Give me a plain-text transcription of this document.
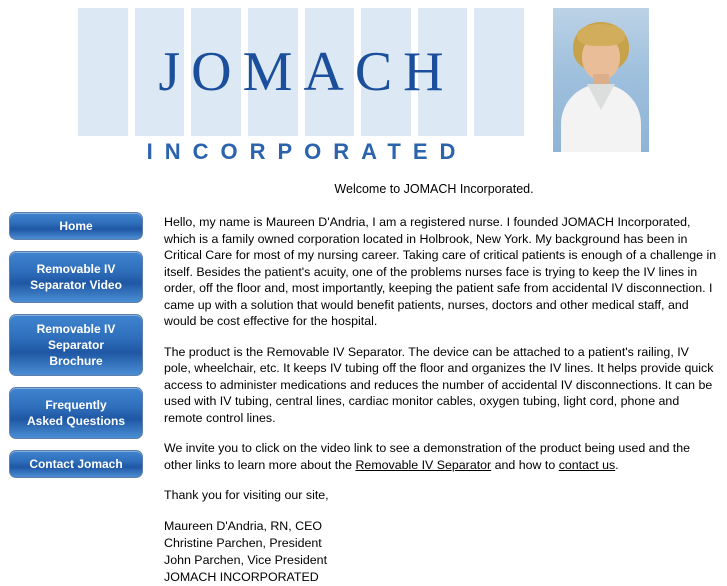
JOMACH
INCORPORATED
Welcome to JOMACH Incorporated.
Home
Removable IV
Separator Video
Removable IV
Separator
Brochure
Frequently
Asked Questions
Contact Jomach

Hello, my name is Maureen D'Andria, I am a registered nurse. I founded JOMACH Incorporated, which is a family owned corporation located in Holbrook, New York. My background has been in Critical Care for most of my nursing career. Taking care of critical patients is enough of a challenge in itself. Besides the patient's acuity, one of the problems nurses face is trying to keep the IV lines in order, off the floor and, most importantly, keeping the patient safe from accidental IV disconnection. I came up with a solution that would benefit patients, nurses, doctors and other medical staff, and would be cost effective for the hospital.

The product is the Removable IV Separator. The device can be attached to a patient's railing, IV pole, wheelchair, etc. It keeps IV tubing off the floor and organizes the IV lines. It helps provide quick access to administer medications and reduces the number of accidental IV disconnections. It can be used with IV tubing, central lines, cardiac monitor cables, oxygen tubing, light cord, phone and remote control lines.

We invite you to click on the video link to see a demonstration of the product being used and the other links to learn more about the Removable IV Separator and how to contact us.

Thank you for visiting our site,

Maureen D'Andria, RN, CEO

Christine Parchen, President

John Parchen, Vice President

JOMACH INCORPORATED
